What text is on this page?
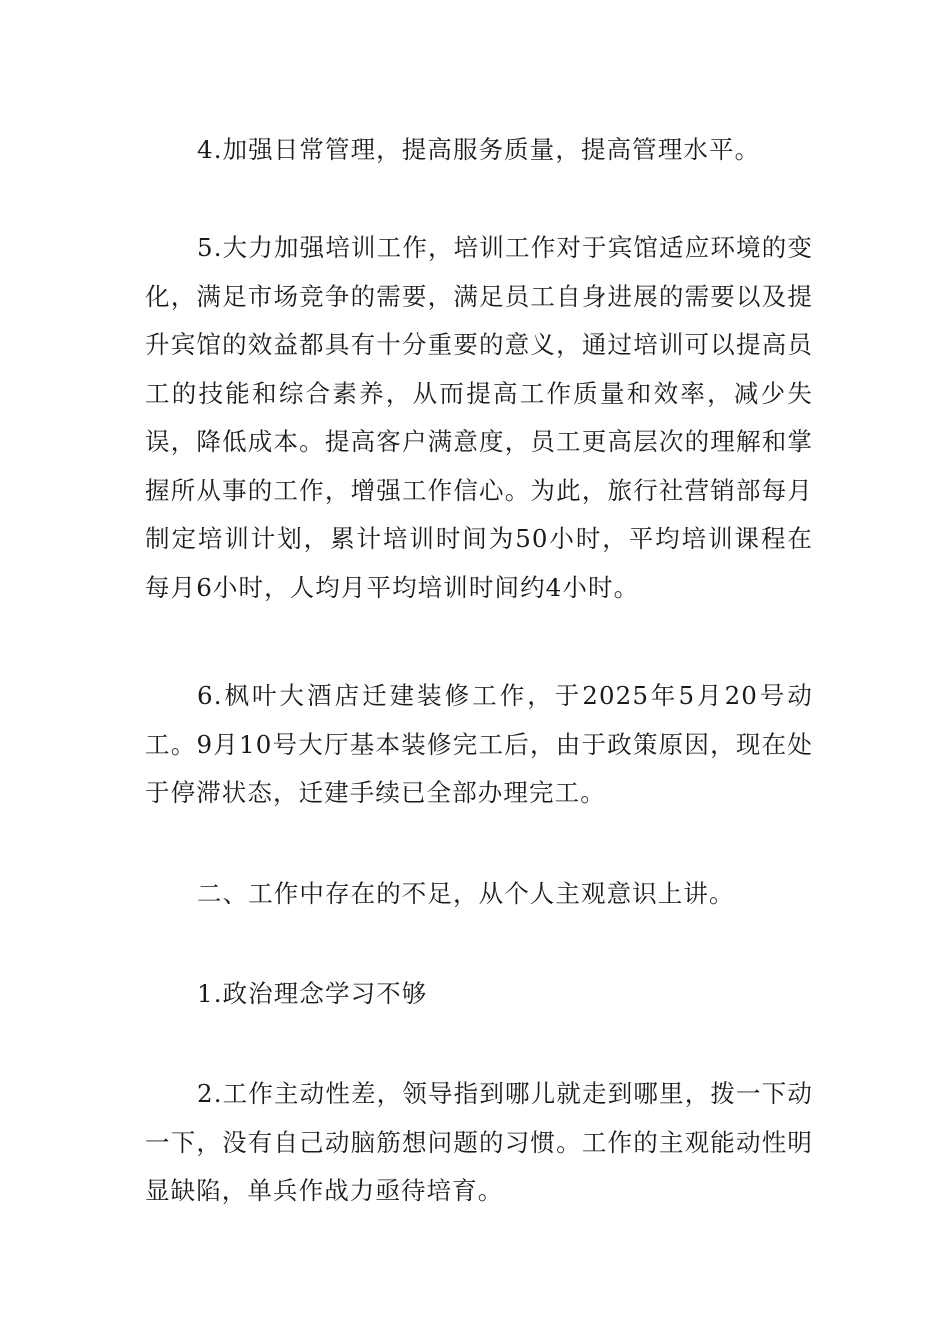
4.加强日常管理，提高服务质量，提高管理水平。

5.大力加强培训工作，培训工作对于宾馆适应环境的变化，满足市场竞争的需要，满足员工自身进展的需要以及提升宾馆的效益都具有十分重要的意义，通过培训可以提高员工的技能和综合素养，从而提高工作质量和效率，减少失误，降低成本。提高客户满意度，员工更高层次的理解和掌握所从事的工作，增强工作信心。为此，旅行社营销部每月制定培训计划，累计培训时间为50小时，平均培训课程在每月6小时，人均月平均培训时间约4小时。

6.枫叶大酒店迁建装修工作，于2025年5月20号动工。9月10号大厅基本装修完工后，由于政策原因，现在处于停滞状态，迁建手续已全部办理完工。

二、工作中存在的不足，从个人主观意识上讲。

1.政治理念学习不够

2.工作主动性差，领导指到哪儿就走到哪里，拨一下动一下，没有自己动脑筋想问题的习惯。工作的主观能动性明显缺陷，单兵作战力亟待培育。
